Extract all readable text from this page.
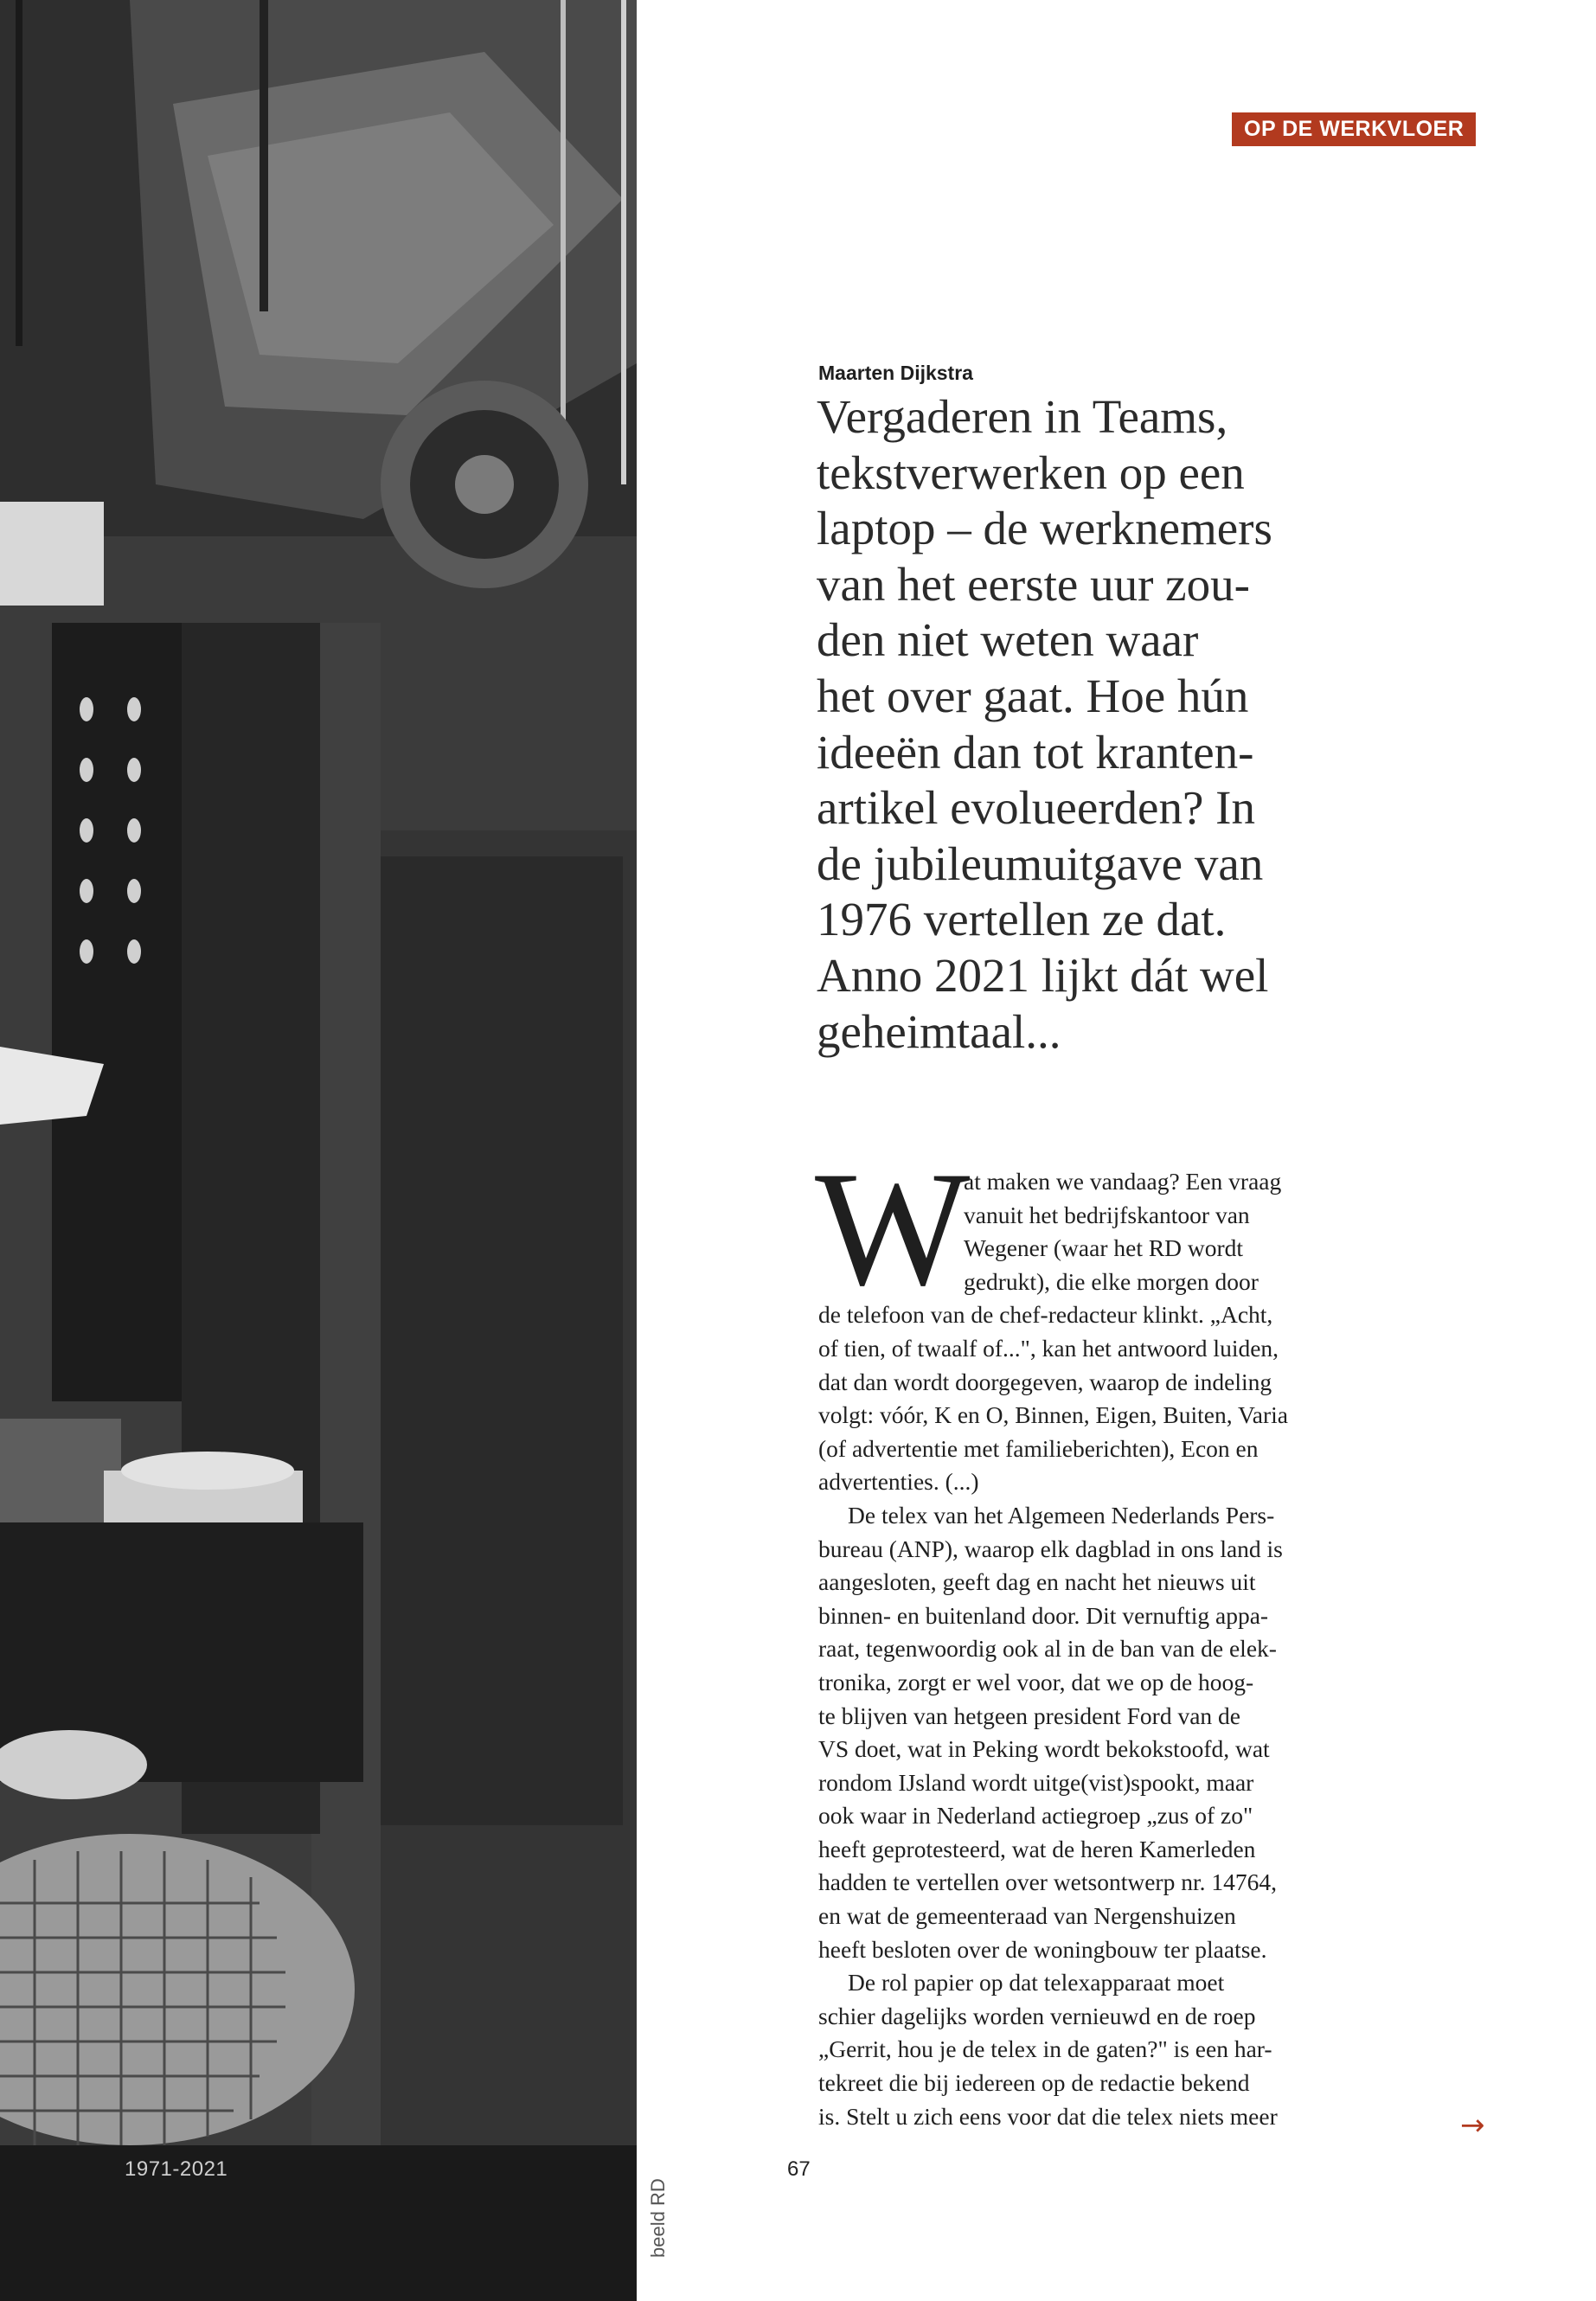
1971-2021
beeld RD
67
OP DE WERKVLOER
Maarten Dijkstra
Vergaderen in Teams,
tekstverwerken op een
laptop – de werknemers
van het eerste uur zou-
den niet weten waar
het over gaat. Hoe hún
ideeën dan tot kranten-
artikel evolueerden? In
de jubileumuitgave van
1976 vertellen ze dat.
Anno 2021 lijkt dát wel
geheimtaal...
W
at maken we vandaag? Een vraag
vanuit het bedrijfskantoor van
Wegener (waar het RD wordt
gedrukt), die elke morgen door
de telefoon van de chef-redacteur klinkt. „Acht,
of tien, of twaalf of...", kan het antwoord luiden,
dat dan wordt doorgegeven, waarop de indeling
volgt: vóór, K en O, Binnen, Eigen, Buiten, Varia
(of advertentie met familieberichten), Econ en
advertenties. (...)
De telex van het Algemeen Nederlands Pers-
bureau (ANP), waarop elk dagblad in ons land is
aangesloten, geeft dag en nacht het nieuws uit
binnen- en buitenland door. Dit vernuftig appa-
raat, tegenwoordig ook al in de ban van de elek-
tronika, zorgt er wel voor, dat we op de hoog-
te blijven van hetgeen president Ford van de
VS doet, wat in Peking wordt bekokstoofd, wat
rondom IJsland wordt uitge(vist)spookt, maar
ook waar in Nederland actiegroep „zus of zo"
heeft geprotesteerd, wat de heren Kamerleden
hadden te vertellen over wetsontwerp nr. 14764,
en wat de gemeenteraad van Nergenshuizen
heeft besloten over de woningbouw ter plaatse.
De rol papier op dat telexapparaat moet
schier dagelijks worden vernieuwd en de roep
„Gerrit, hou je de telex in de gaten?" is een har-
tekreet die bij iedereen op de redactie bekend
is. Stelt u zich eens voor dat die telex niets meer	→
